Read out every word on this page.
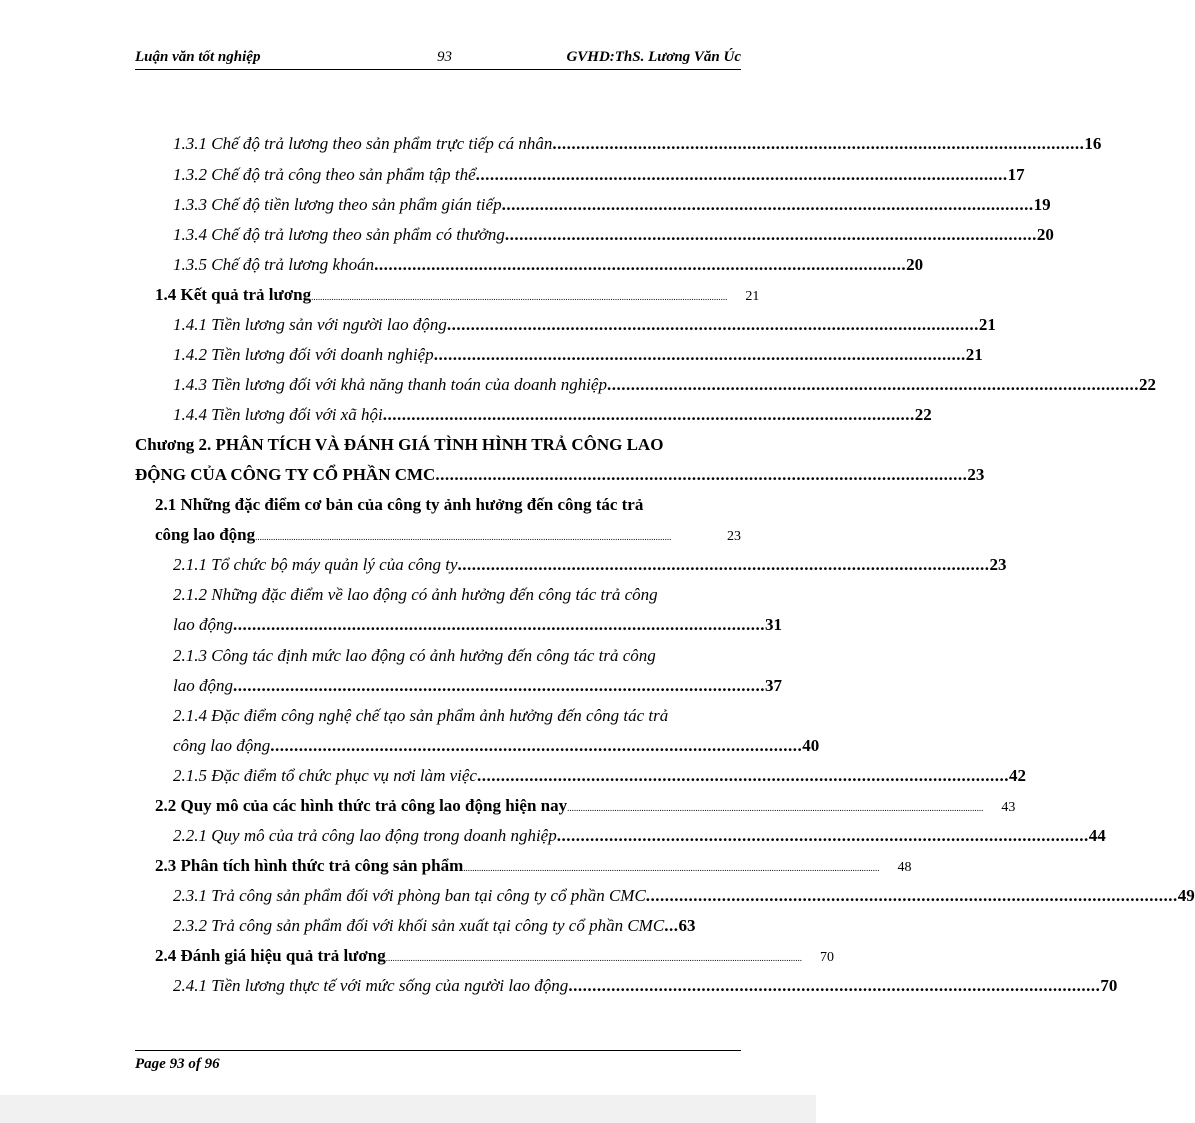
Luận văn tốt nghiệp	93	GVHD:ThS. Lương Văn Úc
1.3.1 Chế độ trả lương theo sản phẩm trực tiếp cá nhân ................................................................................................................ 16
1.3.2 Chế độ trả công theo sản phẩm tập thể ................................................................................................................ 17
1.3.3 Chế độ tiền lương theo sản phẩm gián tiếp ................................................................................................................ 19
1.3.4 Chế độ trả lương theo sản phẩm có thưởng ................................................................................................................ 20
1.3.5 Chế độ trả lương khoán ................................................................................................................ 20
1.4 Kết quả trả lương .........................................................................................................................................................................................	21
1.4.1 Tiền lương sản với người lao động ................................................................................................................ 21
1.4.2 Tiền lương đối với doanh nghiệp ................................................................................................................ 21
1.4.3 Tiền lương đối với khả năng thanh toán của doanh nghiệp ................................................................................................................ 22
1.4.4 Tiền lương đối với xã hội ................................................................................................................ 22
Chương 2. PHÂN TÍCH VÀ ĐÁNH GIÁ TÌNH HÌNH TRẢ CÔNG LAO
ĐỘNG CỦA CÔNG TY CỔ PHẦN CMC ................................................................................................................ 23
2.1 Những đặc điểm cơ bản của công ty ảnh hưởng đến công tác trả
công lao động .........................................................................................................................................................................................	23
2.1.1 Tổ chức bộ máy quản lý của công ty ................................................................................................................ 23
2.1.2 Những đặc điểm về lao động có ảnh hưởng đến công tác trả công
lao động ................................................................................................................ 31
2.1.3 Công tác định mức lao động có ảnh hưởng đến công tác trả công
lao động ................................................................................................................ 37
2.1.4 Đặc điểm công nghệ chế tạo sản phẩm ảnh hưởng đến công tác trả
công lao động ................................................................................................................ 40
2.1.5 Đặc điểm tổ chức phục vụ nơi làm việc ................................................................................................................ 42
2.2 Quy mô của các hình thức trả công lao động hiện nay .........................................................................................................................................................................................	43
2.2.1 Quy mô của trả công lao động trong doanh nghiệp ................................................................................................................ 44
2.3 Phân tích hình thức trả công sản phẩm .........................................................................................................................................................................................	48
2.3.1 Trả công sản phẩm đối với phòng ban tại công ty cổ phần CMC ................................................................................................................ 49
2.3.2 Trả công sản phẩm đối với khối sản xuất tại công ty cổ phần CMC ... 63
2.4 Đánh giá hiệu quả trả lương .........................................................................................................................................................................................	70
2.4.1 Tiền lương thực tế với mức sống của người lao động ................................................................................................................ 70
Page 93 of 96
